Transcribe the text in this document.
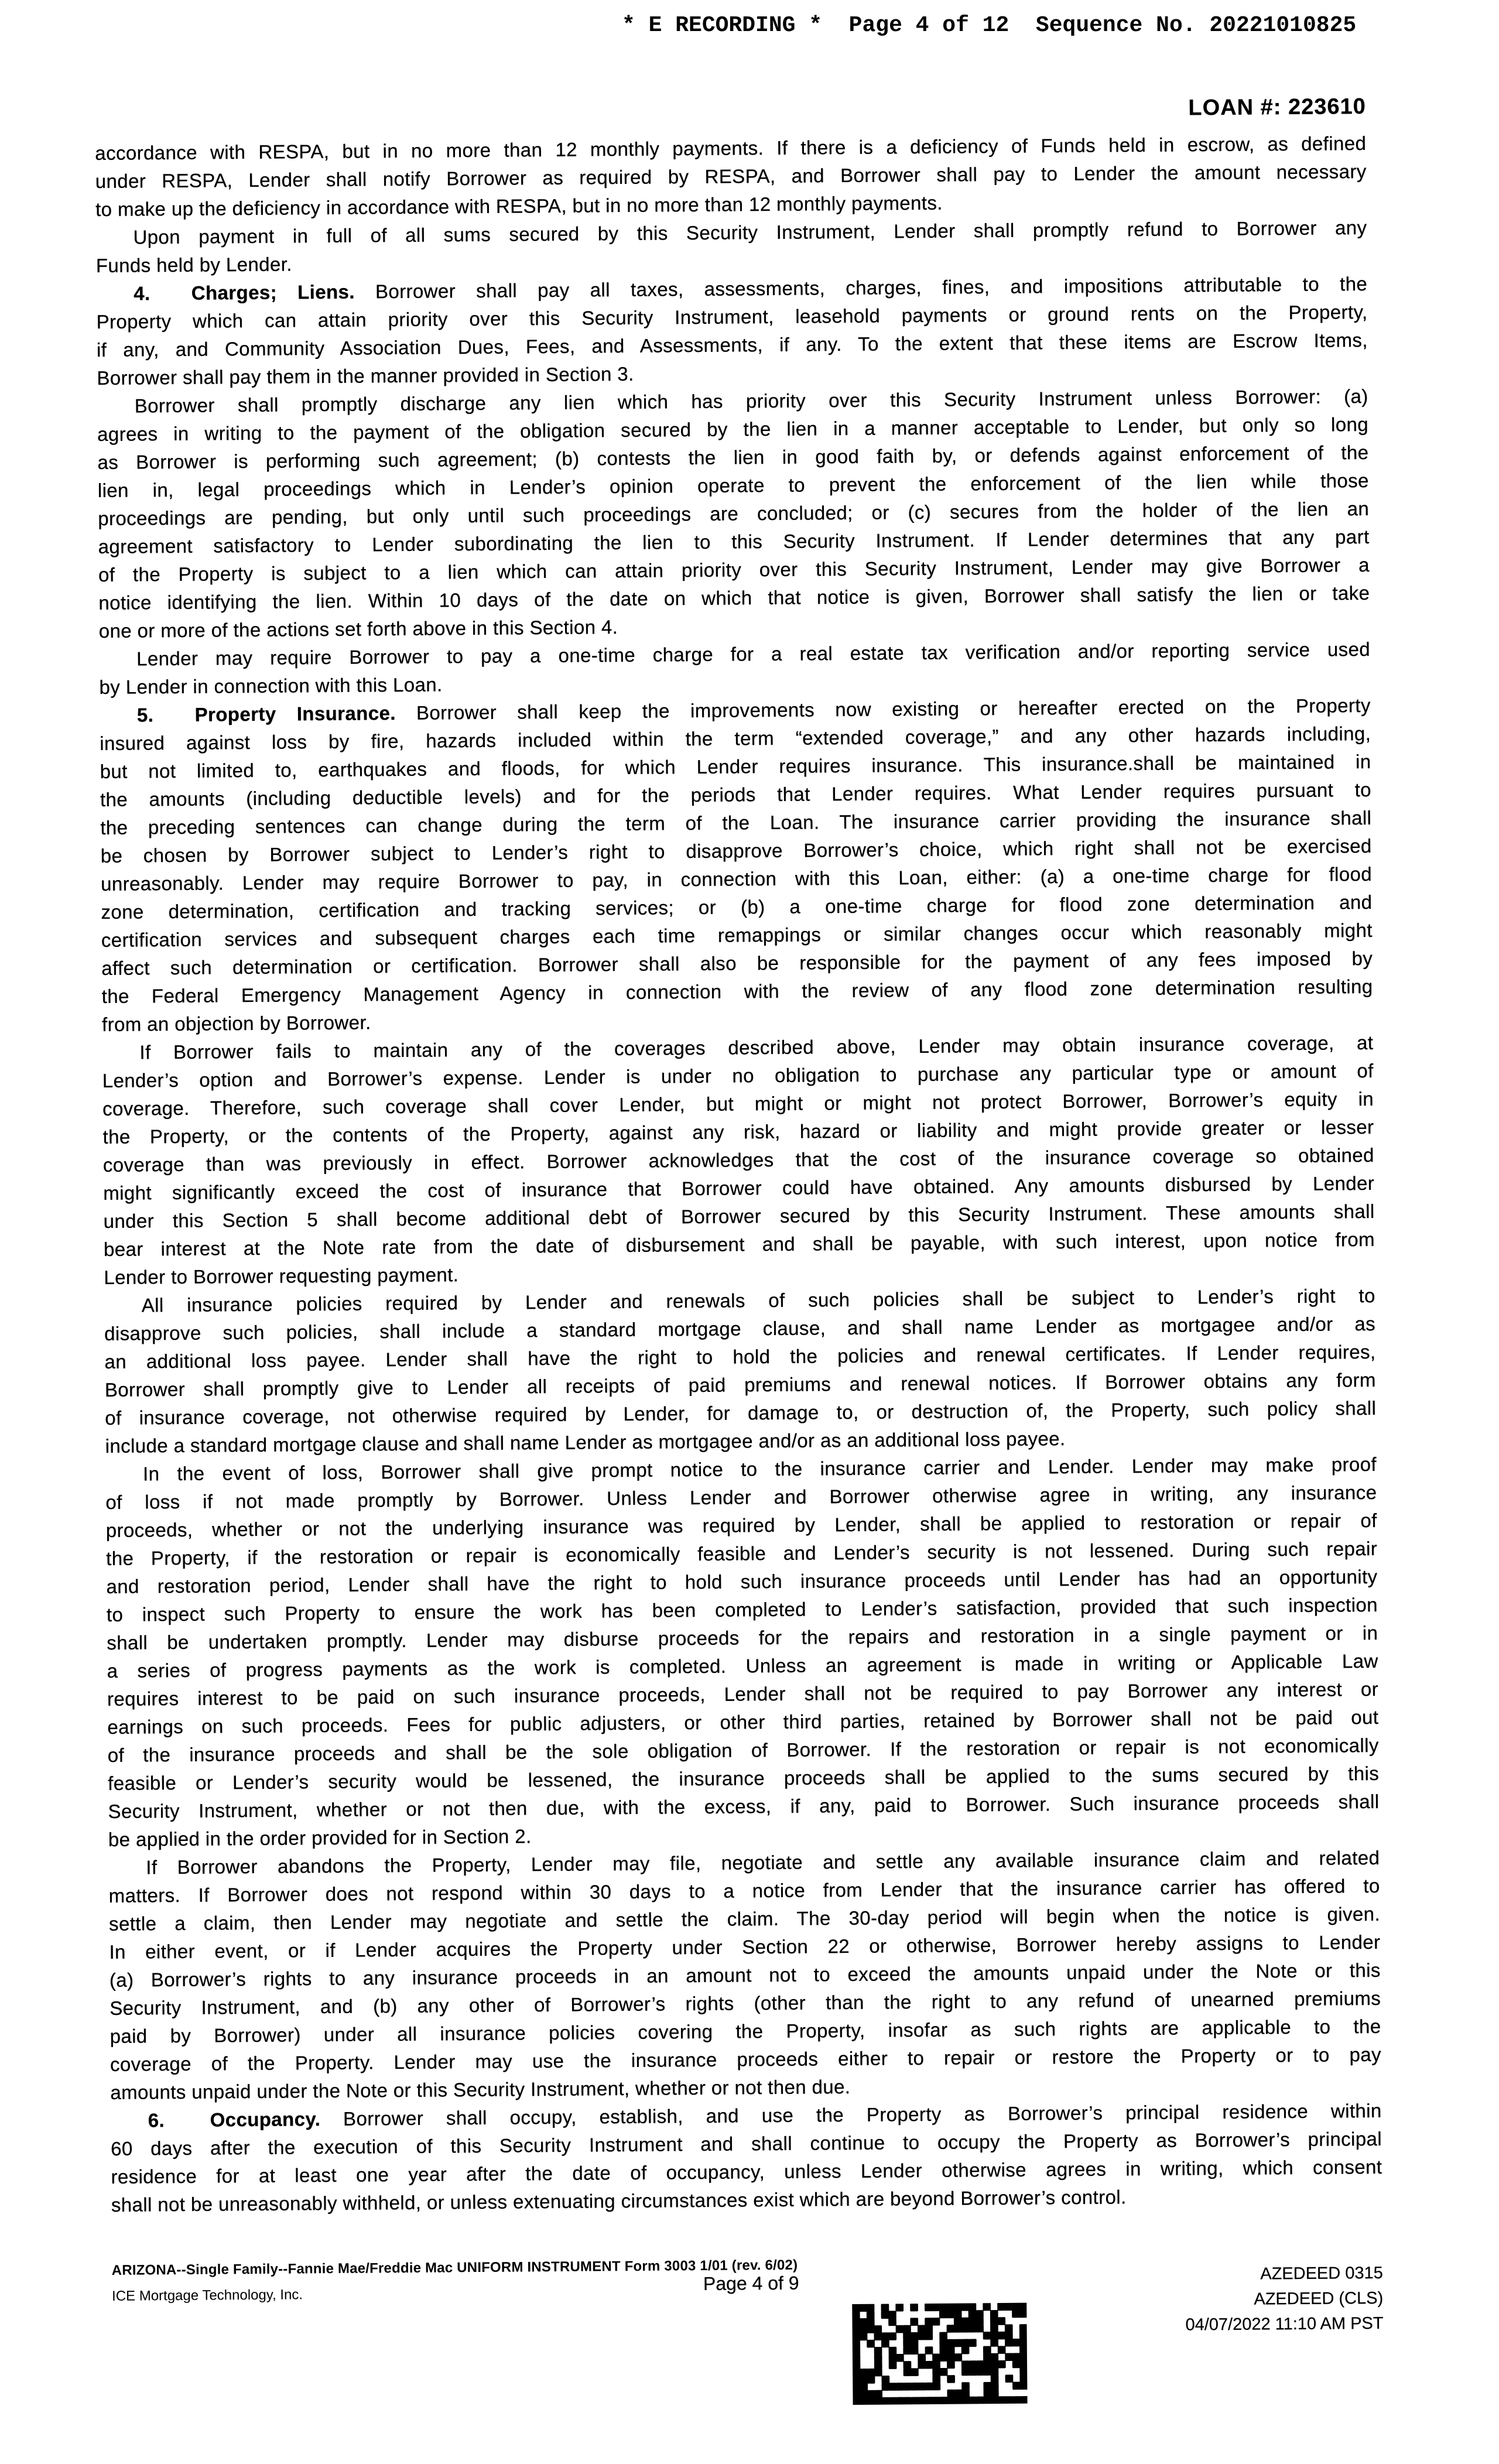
* E RECORDING *  Page 4 of 12  Sequence No. 20221010825
LOAN #: 223610
accordance with RESPA, but in no more than 12 monthly payments. If there is a deficiency of Funds held in escrow, as defined
under RESPA, Lender shall notify Borrower as required by RESPA, and Borrower shall pay to Lender the amount necessary
to make up the deficiency in accordance with RESPA, but in no more than 12 monthly payments.
Upon payment in full of all sums secured by this Security Instrument, Lender shall promptly refund to Borrower any
Funds held by Lender.
4.  Charges; Liens. Borrower shall pay all taxes, assessments, charges, fines, and impositions attributable to the
Property which can attain priority over this Security Instrument, leasehold payments or ground rents on the Property,
if any, and Community Association Dues, Fees, and Assessments, if any. To the extent that these items are Escrow Items,
Borrower shall pay them in the manner provided in Section 3.
Borrower shall promptly discharge any lien which has priority over this Security Instrument unless Borrower: (a)
agrees in writing to the payment of the obligation secured by the lien in a manner acceptable to Lender, but only so long
as Borrower is performing such agreement; (b) contests the lien in good faith by, or defends against enforcement of the
lien in, legal proceedings which in Lender’s opinion operate to prevent the enforcement of the lien while those
proceedings are pending, but only until such proceedings are concluded; or (c) secures from the holder of the lien an
agreement satisfactory to Lender subordinating the lien to this Security Instrument. If Lender determines that any part
of the Property is subject to a lien which can attain priority over this Security Instrument, Lender may give Borrower a
notice identifying the lien. Within 10 days of the date on which that notice is given, Borrower shall satisfy the lien or take
one or more of the actions set forth above in this Section 4.
Lender may require Borrower to pay a one-time charge for a real estate tax verification and/or reporting service used
by Lender in connection with this Loan.
5.  Property Insurance. Borrower shall keep the improvements now existing or hereafter erected on the Property
insured against loss by fire, hazards included within the term “extended coverage,” and any other hazards including,
but not limited to, earthquakes and floods, for which Lender requires insurance. This insurance.shall be maintained in
the amounts (including deductible levels) and for the periods that Lender requires. What Lender requires pursuant to
the preceding sentences can change during the term of the Loan. The insurance carrier providing the insurance shall
be chosen by Borrower subject to Lender’s right to disapprove Borrower’s choice, which right shall not be exercised
unreasonably. Lender may require Borrower to pay, in connection with this Loan, either: (a) a one-time charge for flood
zone determination, certification and tracking services; or (b) a one-time charge for flood zone determination and
certification services and subsequent charges each time remappings or similar changes occur which reasonably might
affect such determination or certification. Borrower shall also be responsible for the payment of any fees imposed by
the Federal Emergency Management Agency in connection with the review of any flood zone determination resulting
from an objection by Borrower.
If Borrower fails to maintain any of the coverages described above, Lender may obtain insurance coverage, at
Lender’s option and Borrower’s expense. Lender is under no obligation to purchase any particular type or amount of
coverage. Therefore, such coverage shall cover Lender, but might or might not protect Borrower, Borrower’s equity in
the Property, or the contents of the Property, against any risk, hazard or liability and might provide greater or lesser
coverage than was previously in effect. Borrower acknowledges that the cost of the insurance coverage so obtained
might significantly exceed the cost of insurance that Borrower could have obtained. Any amounts disbursed by Lender
under this Section 5 shall become additional debt of Borrower secured by this Security Instrument. These amounts shall
bear interest at the Note rate from the date of disbursement and shall be payable, with such interest, upon notice from
Lender to Borrower requesting payment.
All insurance policies required by Lender and renewals of such policies shall be subject to Lender’s right to
disapprove such policies, shall include a standard mortgage clause, and shall name Lender as mortgagee and/or as
an additional loss payee. Lender shall have the right to hold the policies and renewal certificates. If Lender requires,
Borrower shall promptly give to Lender all receipts of paid premiums and renewal notices. If Borrower obtains any form
of insurance coverage, not otherwise required by Lender, for damage to, or destruction of, the Property, such policy shall
include a standard mortgage clause and shall name Lender as mortgagee and/or as an additional loss payee.
In the event of loss, Borrower shall give prompt notice to the insurance carrier and Lender. Lender may make proof
of loss if not made promptly by Borrower. Unless Lender and Borrower otherwise agree in writing, any insurance
proceeds, whether or not the underlying insurance was required by Lender, shall be applied to restoration or repair of
the Property, if the restoration or repair is economically feasible and Lender’s security is not lessened. During such repair
and restoration period, Lender shall have the right to hold such insurance proceeds until Lender has had an opportunity
to inspect such Property to ensure the work has been completed to Lender’s satisfaction, provided that such inspection
shall be undertaken promptly. Lender may disburse proceeds for the repairs and restoration in a single payment or in
a series of progress payments as the work is completed. Unless an agreement is made in writing or Applicable Law
requires interest to be paid on such insurance proceeds, Lender shall not be required to pay Borrower any interest or
earnings on such proceeds. Fees for public adjusters, or other third parties, retained by Borrower shall not be paid out
of the insurance proceeds and shall be the sole obligation of Borrower. If the restoration or repair is not economically
feasible or Lender’s security would be lessened, the insurance proceeds shall be applied to the sums secured by this
Security Instrument, whether or not then due, with the excess, if any, paid to Borrower. Such insurance proceeds shall
be applied in the order provided for in Section 2.
If Borrower abandons the Property, Lender may file, negotiate and settle any available insurance claim and related
matters. If Borrower does not respond within 30 days to a notice from Lender that the insurance carrier has offered to
settle a claim, then Lender may negotiate and settle the claim. The 30-day period will begin when the notice is given.
In either event, or if Lender acquires the Property under Section 22 or otherwise, Borrower hereby assigns to Lender
(a) Borrower’s rights to any insurance proceeds in an amount not to exceed the amounts unpaid under the Note or this
Security Instrument, and (b) any other of Borrower’s rights (other than the right to any refund of unearned premiums
paid by Borrower) under all insurance policies covering the Property, insofar as such rights are applicable to the
coverage of the Property. Lender may use the insurance proceeds either to repair or restore the Property or to pay
amounts unpaid under the Note or this Security Instrument, whether or not then due.
6.  Occupancy. Borrower shall occupy, establish, and use the Property as Borrower’s principal residence within
60 days after the execution of this Security Instrument and shall continue to occupy the Property as Borrower’s principal
residence for at least one year after the date of occupancy, unless Lender otherwise agrees in writing, which consent
shall not be unreasonably withheld, or unless extenuating circumstances exist which are beyond Borrower’s control.
ARIZONA--Single Family--Fannie Mae/Freddie Mac UNIFORM INSTRUMENT Form 3003 1/01 (rev. 6/02)
ICE Mortgage Technology, Inc.
Page 4 of 9	AZEDEED 0315
AZEDEED (CLS)
04/07/2022 11:10 AM PST
